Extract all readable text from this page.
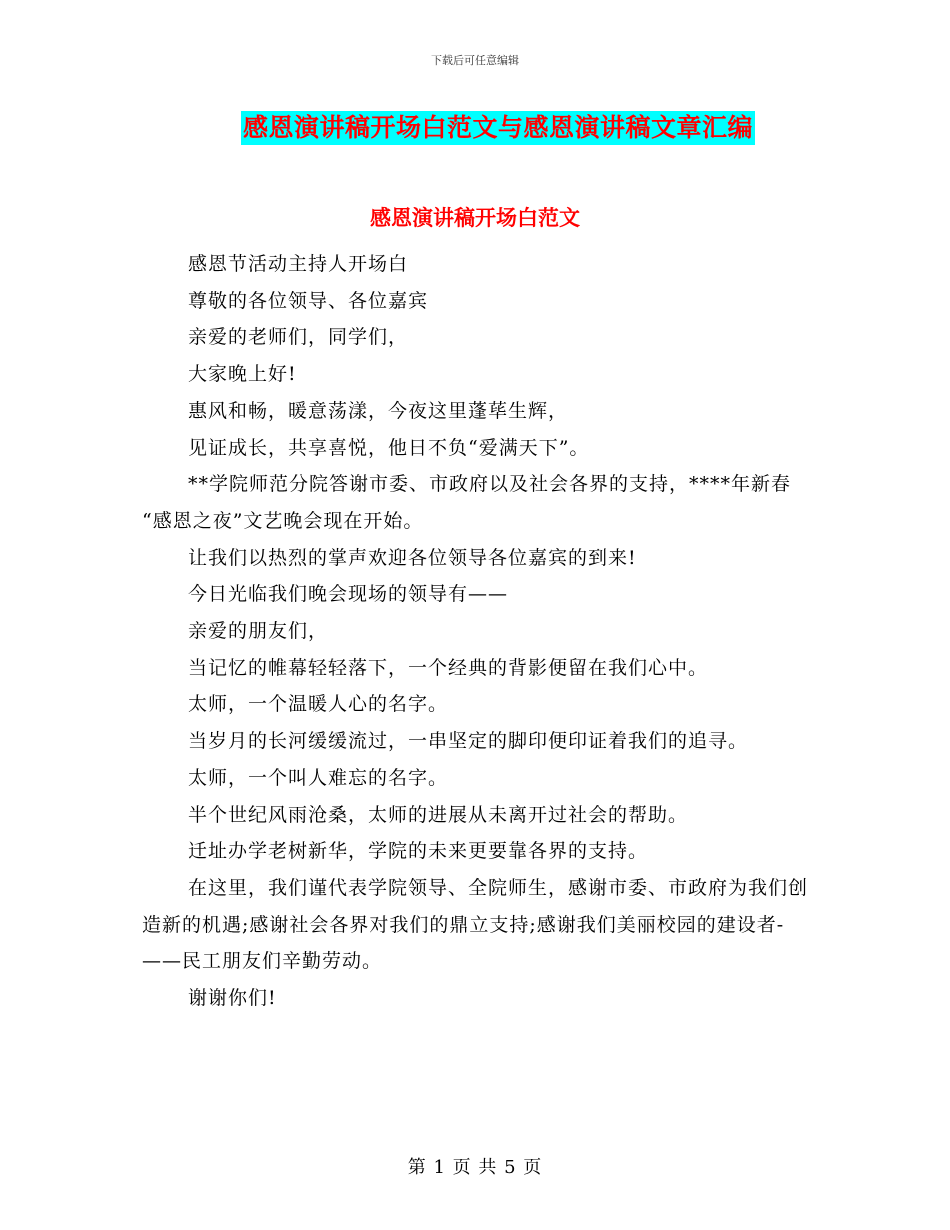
下载后可任意编辑
感恩演讲稿开场白范文与感恩演讲稿文章汇编
感恩演讲稿开场白范文

感恩节活动主持人开场白

尊敬的各位领导、各位嘉宾

亲爱的老师们，同学们，

大家晚上好!

惠风和畅，暖意荡漾，今夜这里蓬荜生辉，

见证成长，共享喜悦，他日不负“爱满天下”。

**学院师范分院答谢市委、市政府以及社会各界的支持，****年新春 “感恩之夜”文艺晚会现在开始。

让我们以热烈的掌声欢迎各位领导各位嘉宾的到来!

今日光临我们晚会现场的领导有——

亲爱的朋友们，

当记忆的帷幕轻轻落下，一个经典的背影便留在我们心中。

太师，一个温暖人心的名字。

当岁月的长河缓缓流过，一串坚定的脚印便印证着我们的追寻。

太师，一个叫人难忘的名字。

半个世纪风雨沧桑，太师的进展从未离开过社会的帮助。

迁址办学老树新华，学院的未来更要靠各界的支持。

在这里，我们谨代表学院领导、全院师生，感谢市委、市政府为我们创造新的机遇;感谢社会各界对我们的鼎立支持;感谢我们美丽校园的建设者-——民工朋友们辛勤劳动。

谢谢你们!

第 1 页 共 5 页
